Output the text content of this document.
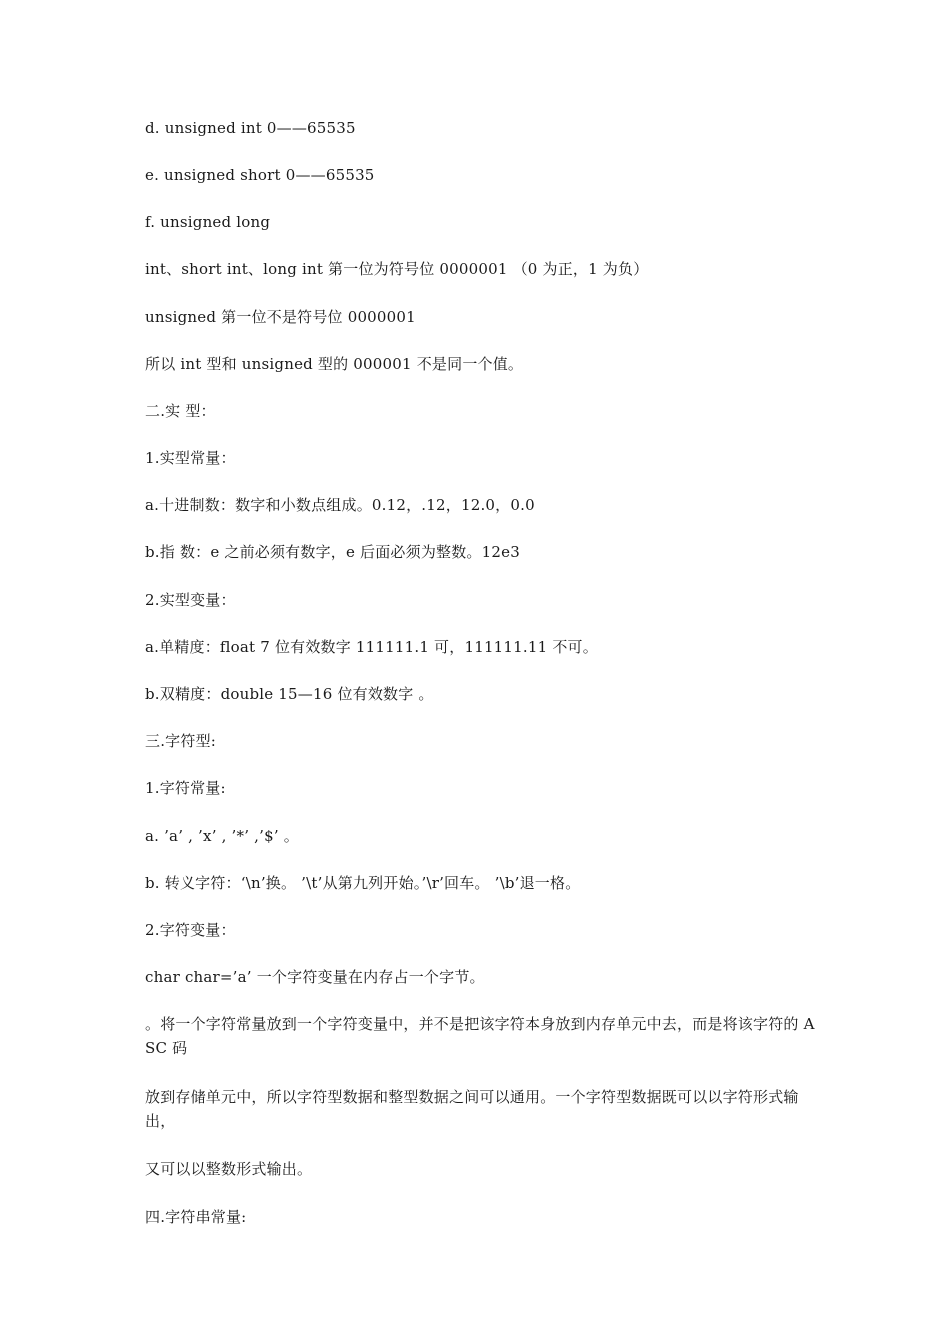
d. unsigned int 0——65535
e. unsigned short 0——65535
f. unsigned long
int、short int、long int 第一位为符号位 0000001 （0 为正，1 为负）
unsigned 第一位不是符号位 0000001
所以 int 型和 unsigned 型的 000001 不是同一个值。
二.实 型：
1.实型常量：
a.十进制数：数字和小数点组成。0.12，.12，12.0，0.0
b.指 数：e 之前必须有数字，e 后面必须为整数。12e3
2.实型变量：
a.单精度：float 7 位有效数字 111111.1 可，111111.11 不可。
b.双精度：double 15—16 位有效数字 。
三.字符型:
1.字符常量:
a. ’a’ , ’x’ , ’*’ ,’$’ 。
b. 转义字符：‘\n’换。 ’\t’从第九列开始。’\r’回车。 ’\b’退一格。
2.字符变量：
char char=’a’ 一个字符变量在内存占一个字节。
。将一个字符常量放到一个字符变量中，并不是把该字符本身放到内存单元中去，而是将该字符的 ASC 码
放到存储单元中，所以字符型数据和整型数据之间可以通用。一个字符型数据既可以以字符形式输出，
又可以以整数形式输出。
四.字符串常量:
